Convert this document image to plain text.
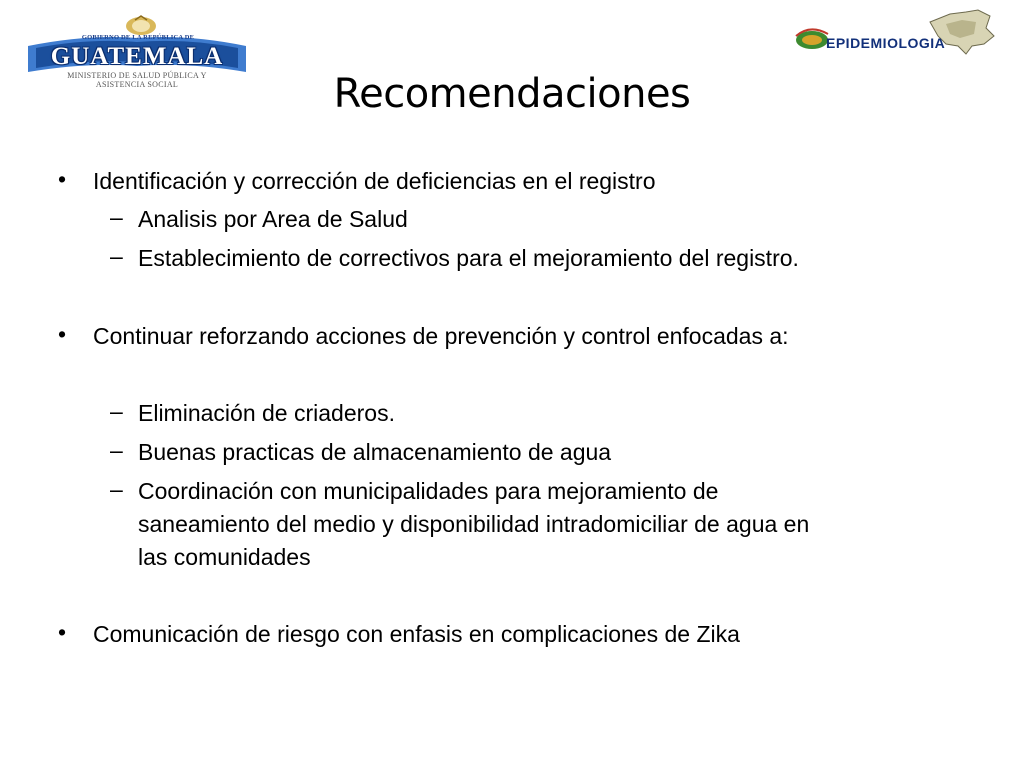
GOBIERNO DE LA REPÚBLICA DE
GUATEMALA
MINISTERIO DE SALUD PÚBLICA Y
ASISTENCIA SOCIAL
EPIDEMIOLOGIA
Recomendaciones
• Identificación y corrección de deficiencias en el registro
– Analisis por Area de Salud
– Establecimiento de correctivos para el mejoramiento del registro.
• Continuar reforzando acciones de prevención y control enfocadas a:
– Eliminación de criaderos.
– Buenas practicas de almacenamiento de agua
– Coordinación con municipalidades para mejoramiento de
saneamiento del medio y disponibilidad intradomiciliar de agua en
las comunidades
• Comunicación de riesgo con enfasis en complicaciones de Zika
